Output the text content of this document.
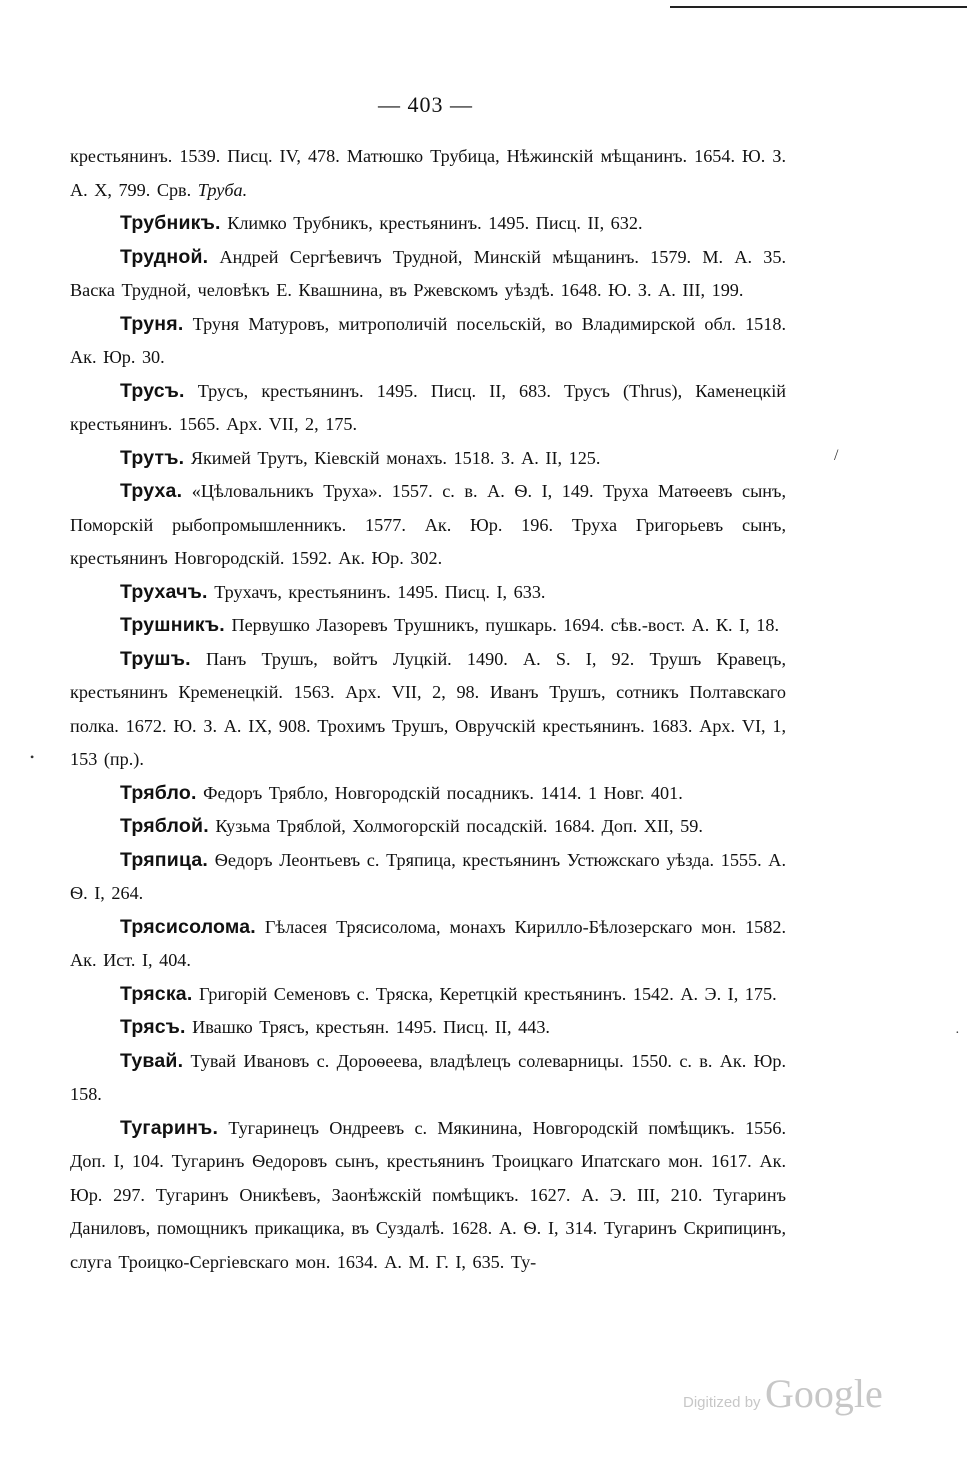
— 403 —

крестьянинъ. 1539. Писц. IV, 478. Матюшко Трубица, Нѣжинскій мѣщанинъ. 1654. Ю. З. А. X, 799. Срв. Труба.

Трубникъ. Климко Трубникъ, крестьянинъ. 1495. Писц. II, 632.

Трудной. Андрей Сергѣевичъ Трудной, Минскій мѣщанинъ. 1579. М. А. 35. Васка Трудной, человѣкъ Е. Квашнина, въ Ржевскомъ уѣздѣ. 1648. Ю. З. А. III, 199.

Труня. Труня Матуровъ, митрополичій посельскій, во Владимирской обл. 1518. Ак. Юр. 30.

Трусъ. Трусъ, крестьянинъ. 1495. Писц. II, 683. Трусъ (Thrus), Каменецкій крестьянинъ. 1565. Арх. VII, 2, 175.

Трутъ. Якимей Трутъ, Кіевскій монахъ. 1518. З. А. II, 125.

Труха. «Цѣловальникъ Труха». 1557. с. в. А. Ѳ. I, 149. Труха Матѳеевъ сынъ, Поморскій рыбопромышленникъ. 1577. Ак. Юр. 196. Труха Григорьевъ сынъ, крестьянинъ Новгородскій. 1592. Ак. Юр. 302.

Трухачъ. Трухачъ, крестьянинъ. 1495. Писц. I, 633.

Трушникъ. Первушко Лазоревъ Трушникъ, пушкарь. 1694. сѣв.-вост. А. К. I, 18.

Трушъ. Панъ Трушъ, войтъ Луцкій. 1490. А. S. I, 92. Трушъ Кравецъ, крестьянинъ Кременецкій. 1563. Арх. VII, 2, 98. Иванъ Трушъ, сотникъ Полтавскаго полка. 1672. Ю. З. А. IX, 908. Трохимъ Трушъ, Овручскій крестьянинъ. 1683. Арх. VI, 1, 153 (пр.).

Трябло. Федоръ Трябло, Новгородскій посадникъ. 1414. 1 Новг. 401.

Тряблой. Кузьма Тряблой, Холмогорскій посадскій. 1684. Доп. XII, 59.

Тряпица. Ѳедоръ Леонтьевъ с. Тряпица, крестьянинъ Устюжскаго уѣзда. 1555. А. Ѳ. I, 264.

Трясисолома. Гѣласея Трясисолома, монахъ Кирилло-Бѣлозерскаго мон. 1582. Ак. Ист. I, 404.

Тряска. Григорій Семеновъ с. Тряска, Керетцкій крестьянинъ. 1542. А. Э. I, 175.

Трясъ. Ивашко Трясъ, крестьян. 1495. Писц. II, 443.

Тувай. Тувай Ивановъ с. Дороѳеева, владѣлецъ солеварницы. 1550. с. в. Ак. Юр. 158.

Тугаринъ. Тугаринецъ Ондреевъ с. Мякинина, Новгородскій помѣщикъ. 1556. Доп. I, 104. Тугаринъ Ѳедоровъ сынъ, крестьянинъ Троицкаго Ипатскаго мон. 1617. Ак. Юр. 297. Тугаринъ Оникѣевъ, Заонѣжскій помѣщикъ. 1627. А. Э. III, 210. Тугаринъ Даниловъ, помощникъ прикащика, въ Суздалѣ. 1628. А. Ѳ. I, 314. Тугаринъ Скрипицинъ, слуга Троицко-Сергіевскаго мон. 1634. А. М. Г. I, 635. Ту-

/
•
·
Digitized by Google
